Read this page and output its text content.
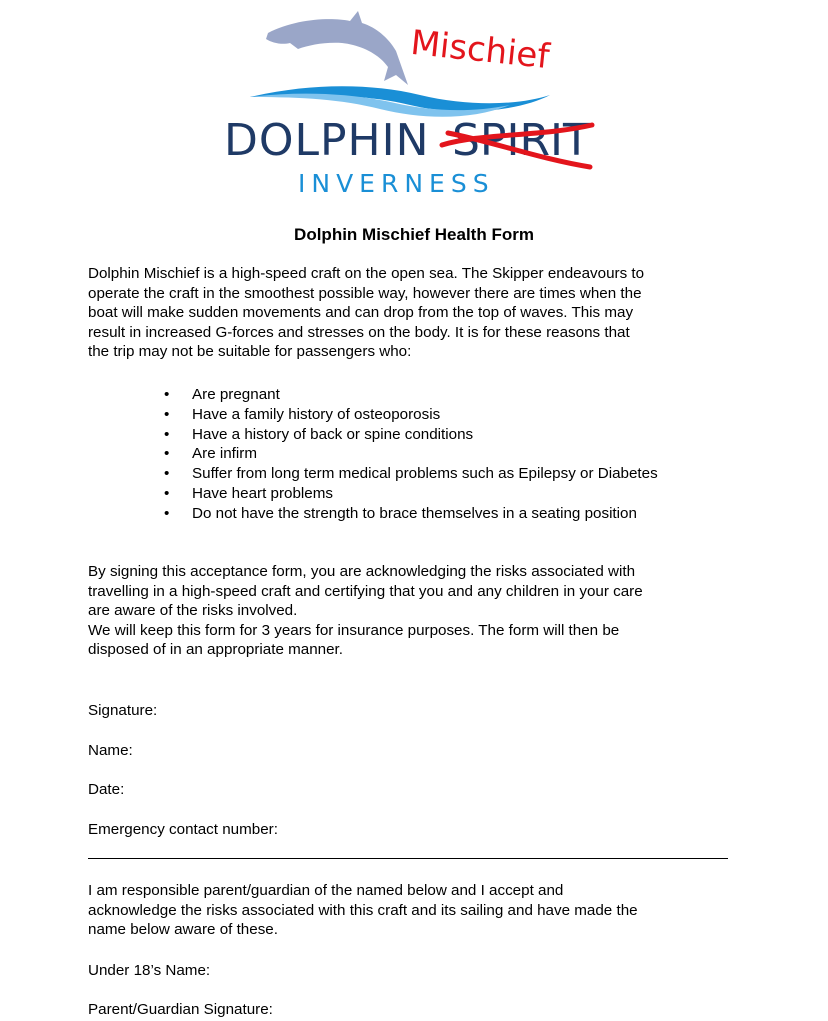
Mischief
DOLPHIN SPIRIT
INVERNESS
Dolphin Mischief Health Form
Dolphin Mischief is a high-speed craft on the open sea. The Skipper endeavours to
operate the craft in the smoothest possible way, however there are times when the
boat will make sudden movements and can drop from the top of waves. This may
result in increased G-forces and stresses on the body. It is for these reasons that
the trip may not be suitable for passengers who:
• Are pregnant
• Have a family history of osteoporosis
• Have a history of back or spine conditions
• Are infirm
• Suffer from long term medical problems such as Epilepsy or Diabetes
• Have heart problems
• Do not have the strength to brace themselves in a seating position
By signing this acceptance form, you are acknowledging the risks associated with
travelling in a high-speed craft and certifying that you and any children in your care
are aware of the risks involved.
We will keep this form for 3 years for insurance purposes. The form will then be
disposed of in an appropriate manner.
Signature:
Name:
Date:
Emergency contact number:
I am responsible parent/guardian of the named below and I accept and
acknowledge the risks associated with this craft and its sailing and have made the
name below aware of these.
Under 18’s Name:
Parent/Guardian Signature:
